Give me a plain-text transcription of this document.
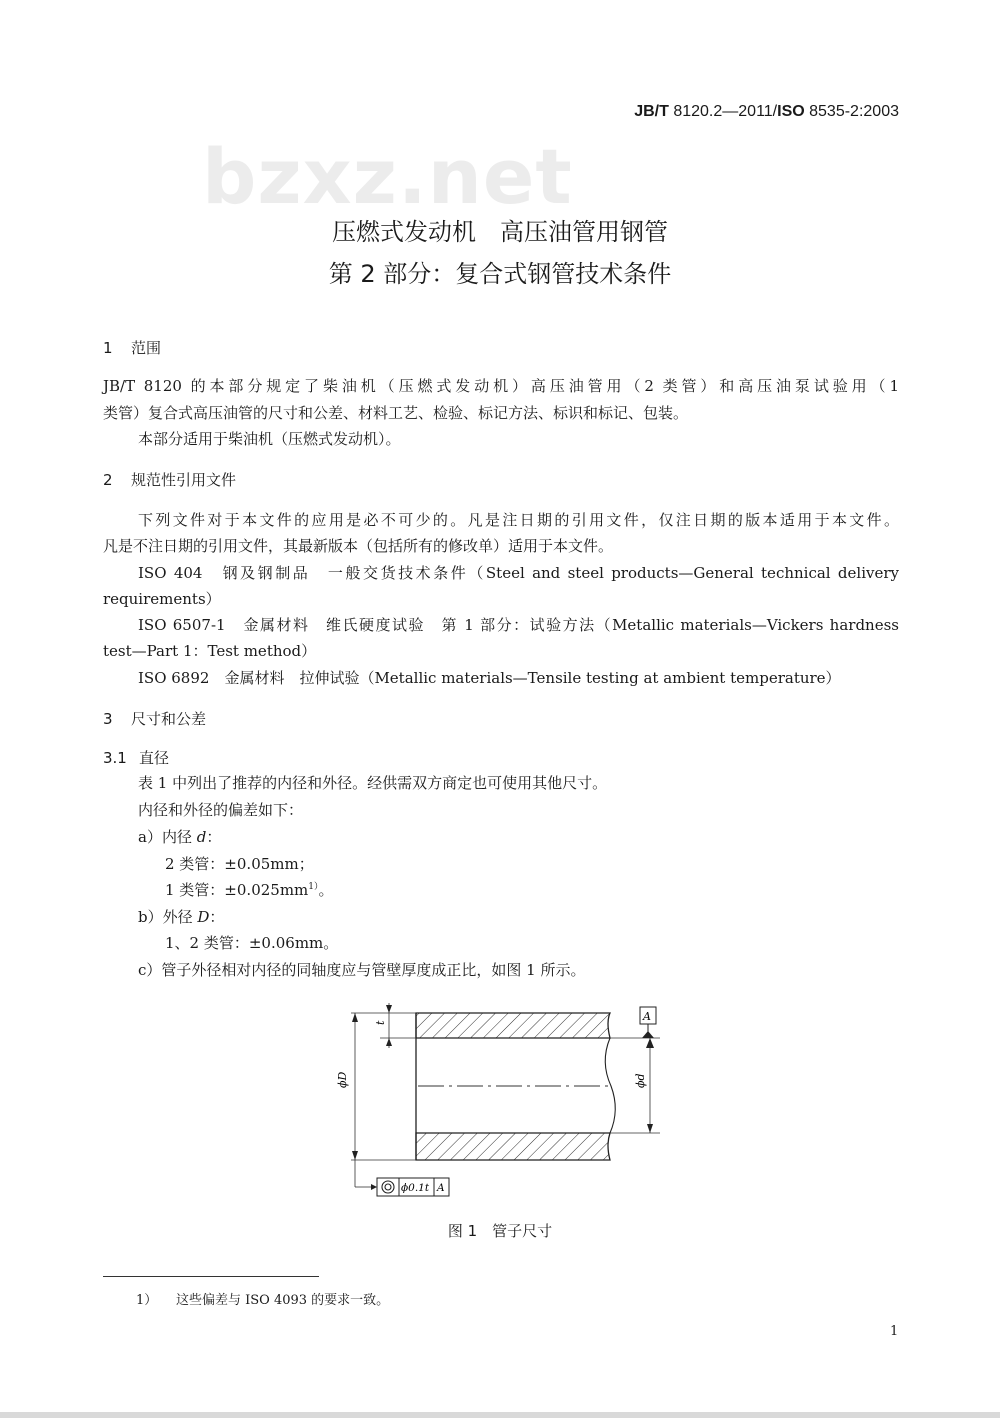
JB/T 8120.2—2011/ISO 8535-2:2003
bzxz.net
压燃式发动机　高压油管用钢管
第 2 部分：复合式钢管技术条件
1 范围
JB/T 8120 的本部分规定了柴油机（压燃式发动机）高压油管用（2 类管）和高压油泵试验用（1
类管）复合式高压油管的尺寸和公差、材料工艺、检验、标记方法、标识和标记、包装。
本部分适用于柴油机（压燃式发动机）。
2 规范性引用文件
下列文件对于本文件的应用是必不可少的。凡是注日期的引用文件，仅注日期的版本适用于本文件。
凡是不注日期的引用文件，其最新版本（包括所有的修改单）适用于本文件。
ISO 404　钢及钢制品　一般交货技术条件（Steel and steel products—General technical delivery
requirements）
ISO 6507-1　金属材料　维氏硬度试验　第 1 部分：试验方法（Metallic materials—Vickers hardness
test—Part 1：Test method）
ISO 6892　金属材料　拉伸试验（Metallic materials—Tensile testing at ambient temperature）
3 尺寸和公差
3.1 直径
表 1 中列出了推荐的内径和外径。经供需双方商定也可使用其他尺寸。
内径和外径的偏差如下：
a）内径 d：
2 类管：±0.05mm；
1 类管：$\pm 0.025mm^{1)}$。
b）外径 D：
1、2 类管：±0.06mm。
c）管子外径相对内径的同轴度应与管壁厚度成正比，如图 1 所示。
ϕD
t
ϕd
A
ϕ0.1t A
图 1　管子尺寸
1） 这些偏差与 ISO 4093 的要求一致。
1
